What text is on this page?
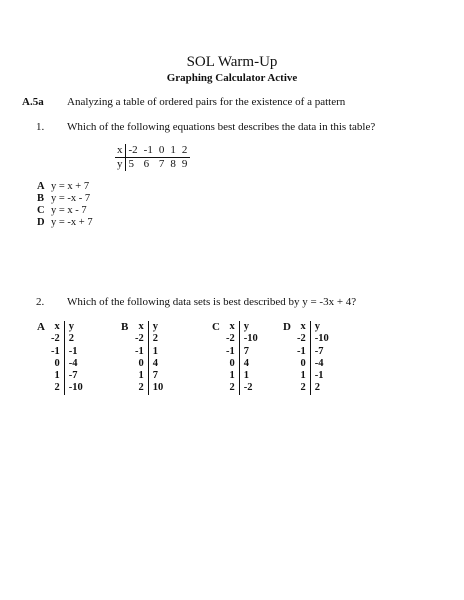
SOL Warm-Up
Graphing Calculator Active
A.5a Analyzing a table of ordered pairs for the existence of a pattern
1. Which of the following equations best describes the data in this table?
x	-2	-1	0	1	2
y	5	6	7	8	9
A y = x + 7
B y = -x - 7
C y = x - 7
D y = -x + 7
2. Which of the following data sets is best described by y = -3x + 4?
A x	y
-2	2
-1	-1
0	-4
1	-7
2	-10
B x	y
-2	2
-1	1
0	4
1	7
2	10
C x	y
-2	-10
-1	7
0	4
1	1
2	-2
D x	y
-2	-10
-1	-7
0	-4
1	-1
2	2
